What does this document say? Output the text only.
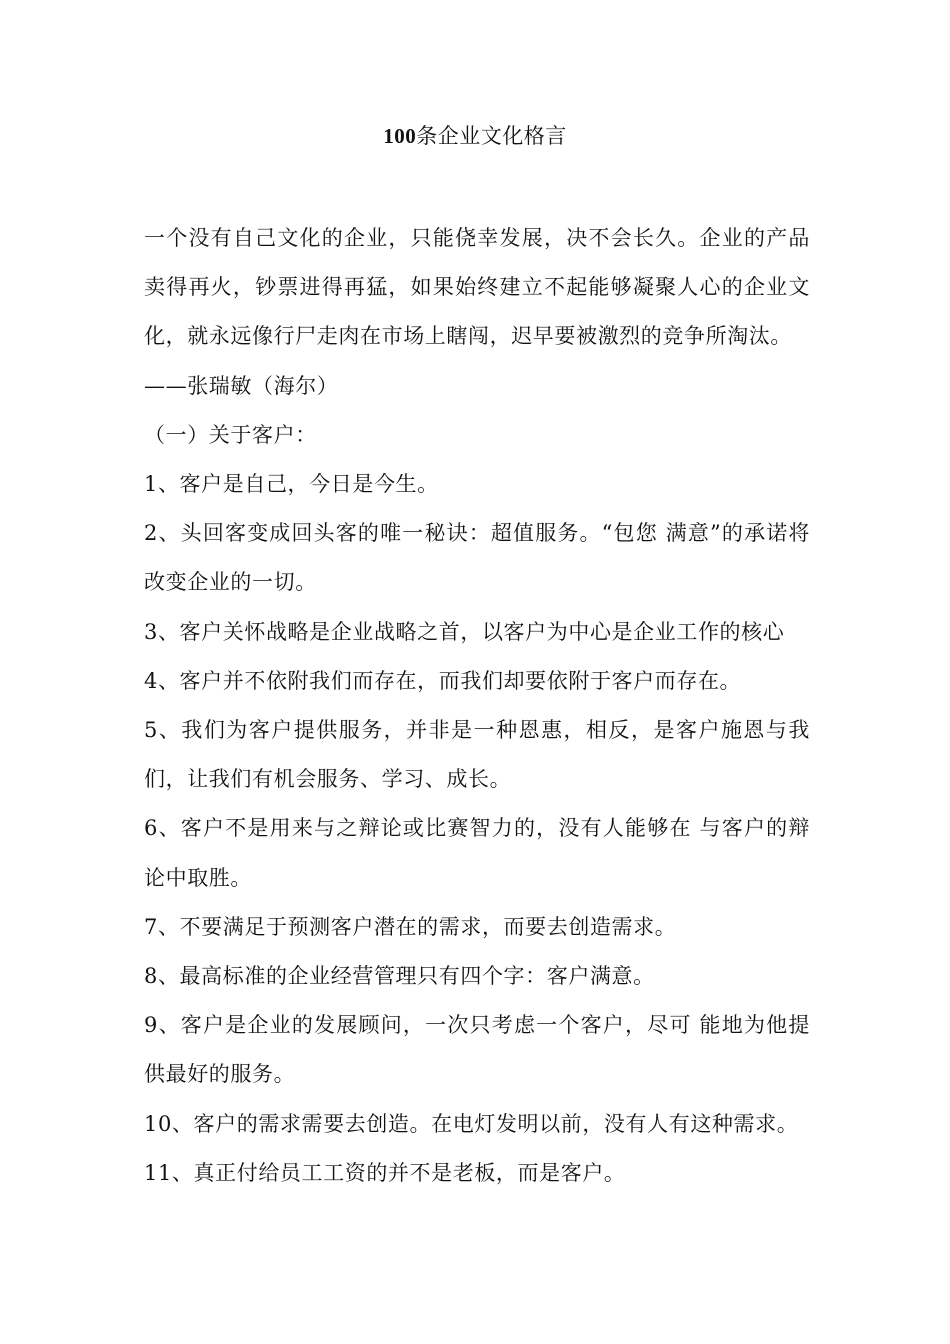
100条企业文化格言

一个没有自己文化的企业，只能侥幸发展，决不会长久。企业的产品卖得再火，钞票进得再猛，如果始终建立不起能够凝聚人心的企业文化，就永远像行尸走肉在市场上瞎闯，迟早要被激烈的竞争所淘汰。

——张瑞敏（海尔）

（一）关于客户：

1、客户是自己，今日是今生。

2、头回客变成回头客的唯一秘诀：超值服务。“包您 满意”的承诺将改变企业的一切。

3、客户关怀战略是企业战略之首，以客户为中心是企业工作的核心

4、客户并不依附我们而存在，而我们却要依附于客户而存在。

5、我们为客户提供服务，并非是一种恩惠，相反，是客户施恩与我们，让我们有机会服务、学习、成长。

6、客户不是用来与之辩论或比赛智力的，没有人能够在 与客户的辩论中取胜。

7、不要满足于预测客户潜在的需求，而要去创造需求。

8、最高标准的企业经营管理只有四个字：客户满意。

9、客户是企业的发展顾问，一次只考虑一个客户，尽可 能地为他提供最好的服务。

10、客户的需求需要去创造。在电灯发明以前，没有人有这种需求。

11、真正付给员工工资的并不是老板，而是客户。
